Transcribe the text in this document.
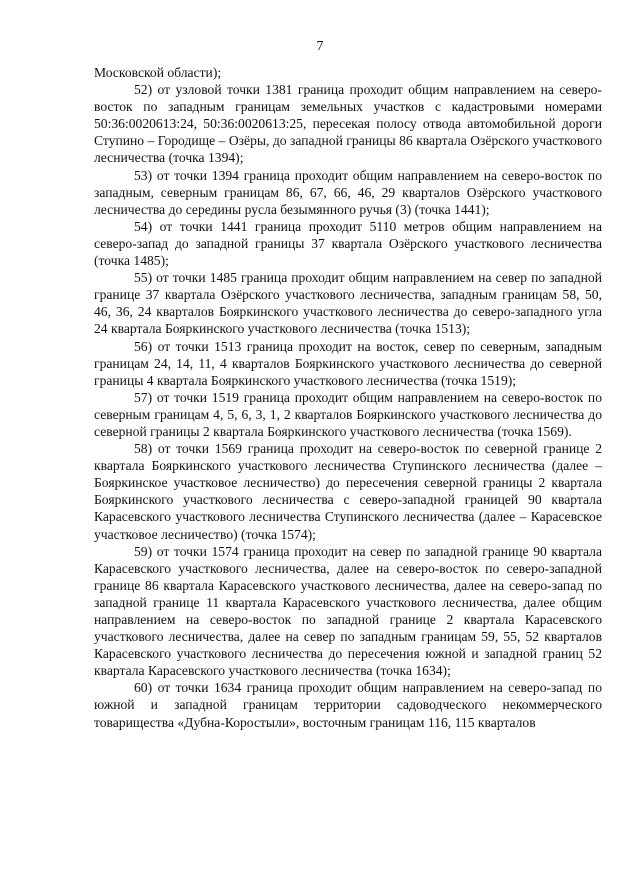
7

Московской области);

52) от узловой точки 1381 граница проходит общим направлением на северо-восток по западным границам земельных участков с кадастровыми номерами 50:36:0020613:24, 50:36:0020613:25, пересекая полосу отвода автомобильной дороги Ступино – Городище – Озёры, до западной границы 86 квартала Озёрского участкового лесничества (точка 1394);

53) от точки 1394 граница проходит общим направлением на северо-восток по западным, северным границам 86, 67, 66, 46, 29 кварталов Озёрского участкового лесничества до середины русла безымянного ручья (3) (точка 1441);

54) от точки 1441 граница проходит 5110 метров общим направлением на северо-запад до западной границы 37 квартала Озёрского участкового лесничества (точка 1485);

55) от точки 1485 граница проходит общим направлением на север по западной границе 37 квартала Озёрского участкового лесничества, западным границам 58, 50, 46, 36, 24 кварталов Бояркинского участкового лесничества до северо-западного угла 24 квартала Бояркинского участкового лесничества (точка 1513);

56) от точки 1513 граница проходит на восток, север по северным, западным границам 24, 14, 11, 4 кварталов Бояркинского участкового лесничества до северной границы 4 квартала Бояркинского участкового лесничества (точка 1519);

57) от точки 1519 граница проходит общим направлением на северо-восток по северным границам 4, 5, 6, 3, 1, 2 кварталов Бояркинского участкового лесничества до северной границы 2 квартала Бояркинского участкового лесничества (точка 1569).

58) от точки 1569 граница проходит на северо-восток по северной границе 2 квартала Бояркинского участкового лесничества Ступинского лесничества (далее – Бояркинское участковое лесничество) до пересечения северной границы 2 квартала Бояркинского участкового лесничества с северо-западной границей 90 квартала Карасевского участкового лесничества Ступинского лесничества (далее – Карасевское участковое лесничество) (точка 1574);

59) от точки 1574 граница проходит на север по западной границе 90 квартала Карасевского участкового лесничества, далее на северо-восток по северо-западной границе 86 квартала Карасевского участкового лесничества, далее на северо-запад по западной границе 11 квартала Карасевского участкового лесничества, далее общим направлением на северо-восток по западной границе 2 квартала Карасевского участкового лесничества, далее на север по западным границам 59, 55, 52 кварталов Карасевского участкового лесничества до пересечения южной и западной границ 52 квартала Карасевского участкового лесничества (точка 1634);

60) от точки 1634 граница проходит общим направлением на северо-запад по южной и западной границам территории садоводческого некоммерческого товарищества «Дубна-Коростыли», восточным границам 116, 115 кварталов
